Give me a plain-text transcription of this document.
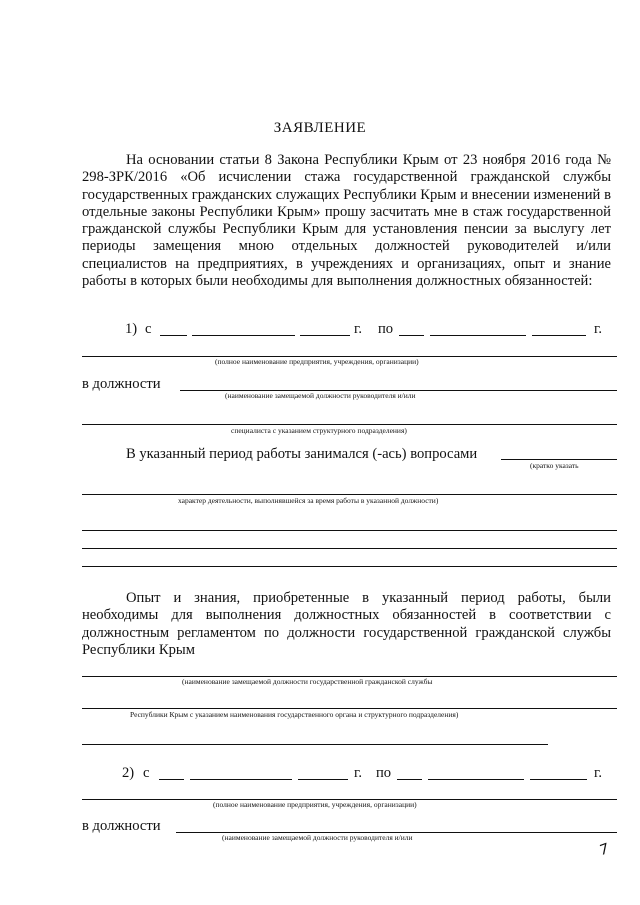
ЗАЯВЛЕНИЕ
На основании статьи 8 Закона Республики Крым от 23 ноября 2016 года № 298-ЗРК/2016 «Об исчислении стажа государственной гражданской службы государственных гражданских служащих Республики Крым и внесении изменений в отдельные законы Республики Крым» прошу засчитать мне в стаж государственной гражданской службы Республики Крым для установления пенсии за выслугу лет периоды замещения мною отдельных должностей руководителей и/или специалистов на предприятиях, в учреждениях и организациях, опыт и знание работы в которых были необходимы для выполнения должностных обязанностей:
1) с	г. по	г.
(полное наименование предприятия, учреждения, организации)
в должности
(наименование замещаемой должности руководителя и/или
специалиста с указанием структурного подразделения)
В указанный период работы занимался (-ась) вопросами
(кратко указать
характер деятельности, выполнявшейся за время работы в указанной должности)
Опыт и знания, приобретенные в указанный период работы, были необходимы для выполнения должностных обязанностей в соответствии с должностным регламентом по должности государственной гражданской службы Республики Крым
(наименование замещаемой должности государственной гражданской службы
Республики Крым с указанием наименования государственного органа и структурного подразделения)
2) с	г. по	г.
(полное наименование предприятия, учреждения, организации)
в должности
(наименование замещаемой должности руководителя и/или
7
